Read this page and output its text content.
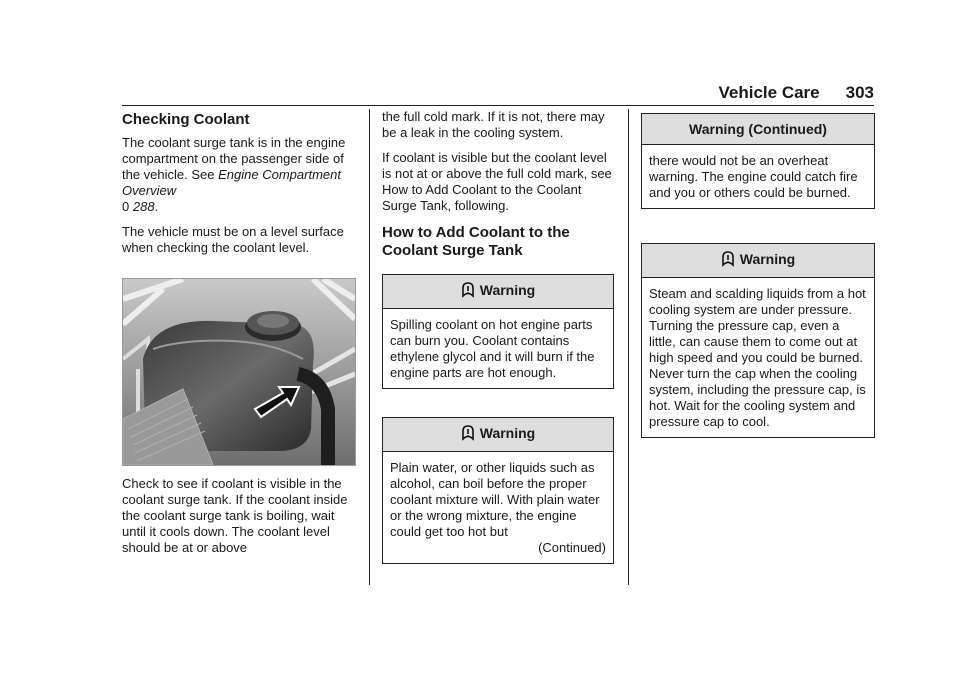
Vehicle Care 303
Checking Coolant

The coolant surge tank is in the engine compartment on the passenger side of the vehicle. See Engine Compartment Overview
0 288.

The vehicle must be on a level surface when checking the coolant level.

Check to see if coolant is visible in the coolant surge tank. If the coolant inside the coolant surge tank is boiling, wait until it cools down. The coolant level should be at or above

the full cold mark. If it is not, there may be a leak in the cooling system.

If coolant is visible but the coolant level is not at or above the full cold mark, see How to Add Coolant to the Coolant Surge Tank, following.

How to Add Coolant to the Coolant Surge Tank
Warning

Spilling coolant on hot engine parts can burn you. Coolant contains ethylene glycol and it will burn if the engine parts are hot enough.

Warning

Plain water, or other liquids such as alcohol, can boil before the proper coolant mixture will. With plain water or the wrong mixture, the engine could get too hot but

(Continued)
Warning (Continued)

there would not be an overheat warning. The engine could catch fire and you or others could be burned.

Warning

Steam and scalding liquids from a hot cooling system are under pressure. Turning the pressure cap, even a little, can cause them to come out at high speed and you could be burned. Never turn the cap when the cooling system, including the pressure cap, is hot. Wait for the cooling system and pressure cap to cool.
